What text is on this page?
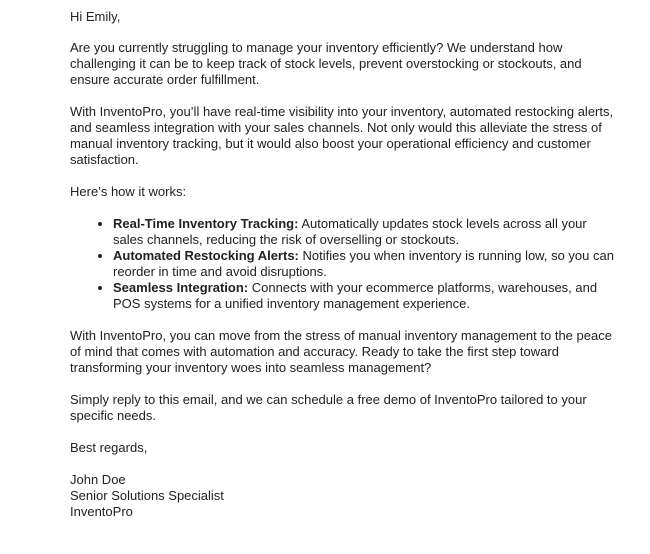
Hi Emily,

Are you currently struggling to manage your inventory efficiently? We understand how challenging it can be to keep track of stock levels, prevent overstocking or stockouts, and ensure accurate order fulfillment.

With InventoPro, you’ll have real-time visibility into your inventory, automated restocking alerts, and seamless integration with your sales channels. Not only would this alleviate the stress of manual inventory tracking, but it would also boost your operational efficiency and customer satisfaction.

Here’s how it works:

• Real-Time Inventory Tracking: Automatically updates stock levels across all your sales channels, reducing the risk of overselling or stockouts.
• Automated Restocking Alerts: Notifies you when inventory is running low, so you can reorder in time and avoid disruptions.
• Seamless Integration: Connects with your ecommerce platforms, warehouses, and POS systems for a unified inventory management experience.

With InventoPro, you can move from the stress of manual inventory management to the peace of mind that comes with automation and accuracy. Ready to take the first step toward transforming your inventory woes into seamless management?

Simply reply to this email, and we can schedule a free demo of InventoPro tailored to your specific needs.

Best regards,

John Doe
Senior Solutions Specialist
InventoPro
